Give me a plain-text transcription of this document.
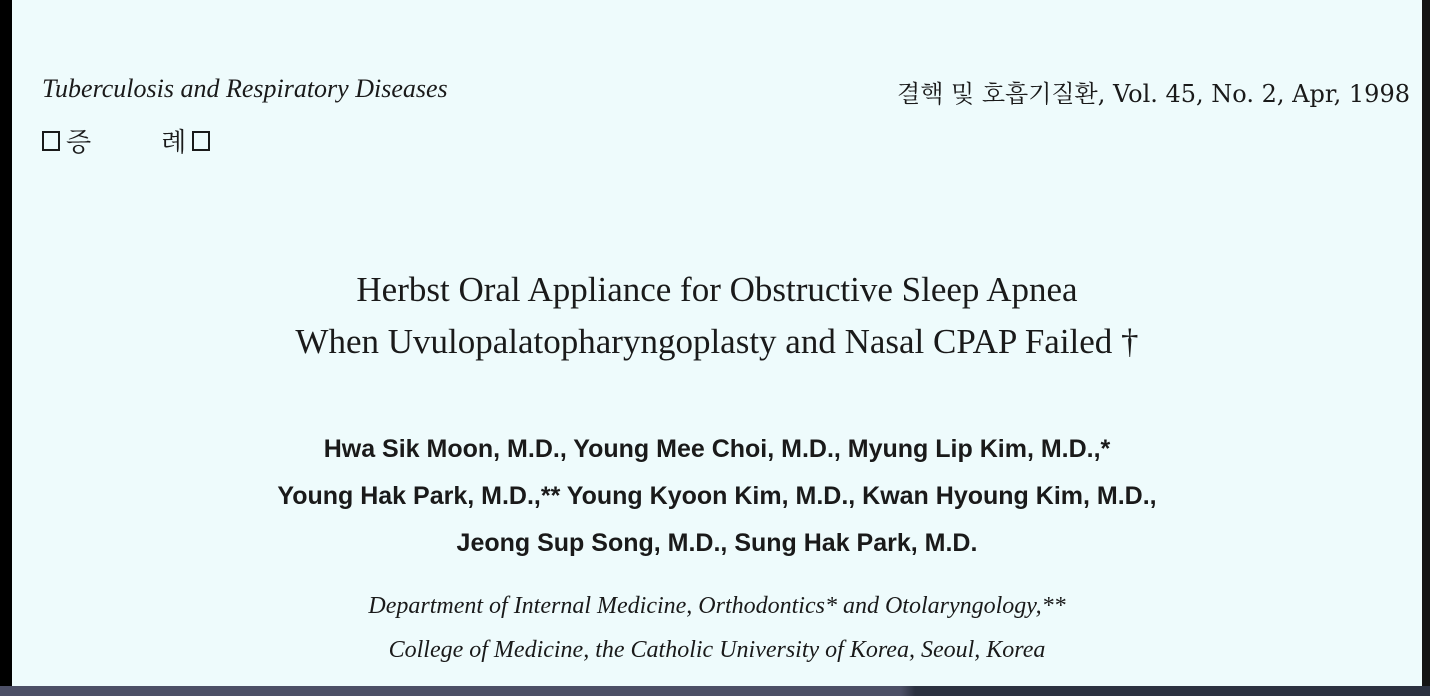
Tuberculosis and Respiratory Diseases	결핵 및 호흡기질환, Vol. 45, No. 2, Apr, 1998
증	례
Herbst Oral Appliance for Obstructive Sleep Apnea
When Uvulopalatopharyngoplasty and Nasal CPAP Failed †
Hwa Sik Moon, M.D., Young Mee Choi, M.D., Myung Lip Kim, M.D.,*
Young Hak Park, M.D.,** Young Kyoon Kim, M.D., Kwan Hyoung Kim, M.D.,
Jeong Sup Song, M.D., Sung Hak Park, M.D.
Department of Internal Medicine, Orthodontics* and Otolaryngology,**
College of Medicine, the Catholic University of Korea, Seoul, Korea
